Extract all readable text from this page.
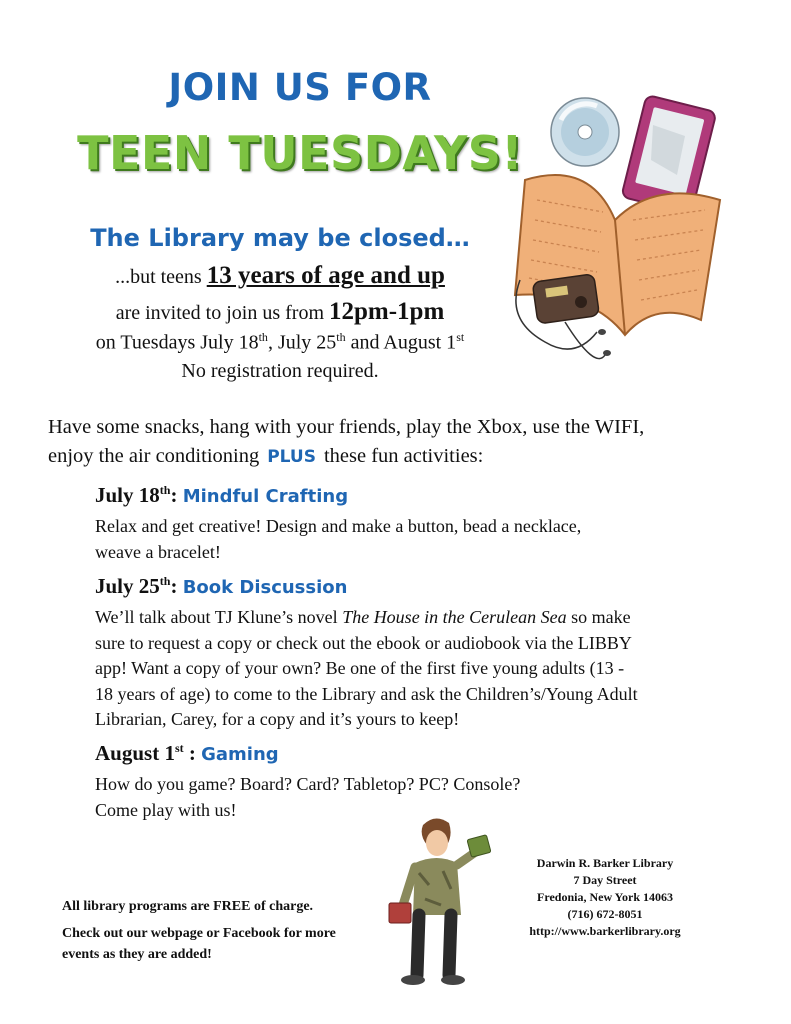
JOIN US FOR
TEEN TUESDAYS!
The Library may be closed…
...but teens 13 years of age and up
are invited to join us from 12pm-1pm
on Tuesdays July 18th, July 25th and August 1st
No registration required.
Have some snacks, hang with your friends, play the Xbox, use the WIFI,
enjoy the air conditioning PLUS these fun activities:
July 18th: Mindful Crafting
Relax and get creative! Design and make a button, bead a necklace,
weave a bracelet!
July 25th: Book Discussion
We’ll talk about TJ Klune’s novel The House in the Cerulean Sea so make
sure to request a copy or check out the ebook or audiobook via the LIBBY
app! Want a copy of your own? Be one of the first five young adults (13 -
18 years of age) to come to the Library and ask the Children’s/Young Adult
Librarian, Carey, for a copy and it’s yours to keep!
August 1st : Gaming
How do you game? Board? Card? Tabletop? PC? Console?
Come play with us!
All library programs are FREE of charge.
Check out our webpage or Facebook for more events as they are added!
Darwin R. Barker Library
7 Day Street
Fredonia, New York 14063
(716) 672-8051
http://www.barkerlibrary.org
